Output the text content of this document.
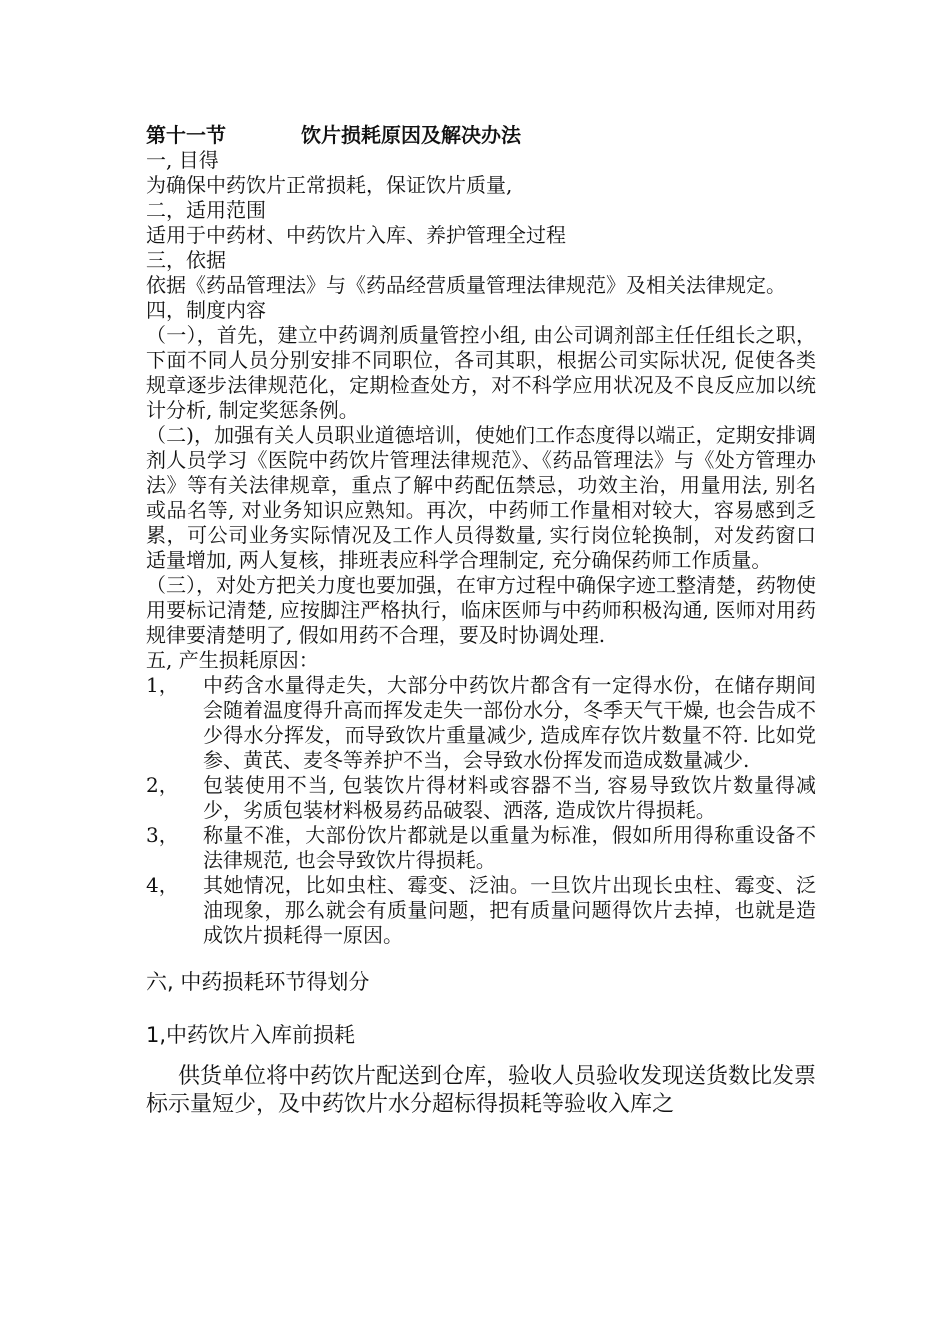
第十一节	饮片损耗原因及解决办法

一, 目得

为确保中药饮片正常损耗，保证饮片质量,

二，适用范围

适用于中药材、中药饮片入库、养护管理全过程

三，依据

依据《药品管理法》与《药品经营质量管理法律规范》及相关法律规定。

四，制度内容

（一），首先，建立中药调剂质量管控小组, 由公司调剂部主任任组长之职，下面不同人员分别安排不同职位，各司其职，根据公司实际状况, 促使各类规章逐步法律规范化，定期检查处方，对不科学应用状况及不良反应加以统计分析, 制定奖惩条例。

（二)，加强有关人员职业道德培训，使她们工作态度得以端正，定期安排调剂人员学习《医院中药饮片管理法律规范》、《药品管理法》与《处方管理办法》等有关法律规章，重点了解中药配伍禁忌，功效主治，用量用法, 别名或品名等, 对业务知识应熟知。再次，中药师工作量相对较大，容易感到乏累，可公司业务实际情况及工作人员得数量, 实行岗位轮换制，对发药窗口适量增加, 两人复核，排班表应科学合理制定, 充分确保药师工作质量。

（三），对处方把关力度也要加强，在审方过程中确保字迹工整清楚，药物使用要标记清楚, 应按脚注严格执行，临床医师与中药师积极沟通, 医师对用药规律要清楚明了, 假如用药不合理，要及时协调处理.

五, 产生损耗原因：

1，	中药含水量得走失，大部分中药饮片都含有一定得水份，在储存期间会随着温度得升高而挥发走失一部份水分，冬季天气干燥, 也会告成不少得水分挥发，而导致饮片重量减少, 造成库存饮片数量不符. 比如党参、黄芪、麦冬等养护不当，会导致水份挥发而造成数量减少.
2，	包装使用不当, 包装饮片得材料或容器不当, 容易导致饮片数量得减少，劣质包装材料极易药品破裂、洒落, 造成饮片得损耗。
3，	称量不准，大部份饮片都就是以重量为标准，假如所用得称重设备不法律规范, 也会导致饮片得损耗。
4，	其她情况，比如虫柱、霉变、泛油。一旦饮片出现长虫柱、霉变、泛油现象，那么就会有质量问题，把有质量问题得饮片去掉，也就是造成饮片损耗得一原因。

六, 中药损耗环节得划分

1,中药饮片入库前损耗

供货单位将中药饮片配送到仓库，验收人员验收发现送货数比发票标示量短少，及中药饮片水分超标得损耗等验收入库之
